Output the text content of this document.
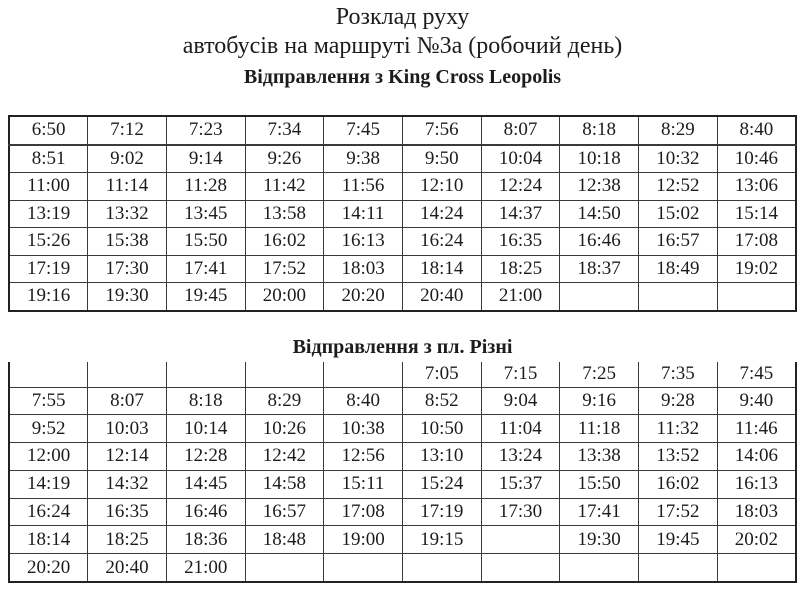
Розклад руху
автобусів на маршруті №3а (робочий день)
Відправлення з King Cross Leopolis
6:50	7:12	7:23	7:34	7:45	7:56	8:07	8:18	8:29	8:40
8:51	9:02	9:14	9:26	9:38	9:50	10:04	10:18	10:32	10:46
11:00	11:14	11:28	11:42	11:56	12:10	12:24	12:38	12:52	13:06
13:19	13:32	13:45	13:58	14:11	14:24	14:37	14:50	15:02	15:14
15:26	15:38	15:50	16:02	16:13	16:24	16:35	16:46	16:57	17:08
17:19	17:30	17:41	17:52	18:03	18:14	18:25	18:37	18:49	19:02
19:16	19:30	19:45	20:00	20:20	20:40	21:00			
Відправлення з пл. Різні
					7:05	7:15	7:25	7:35	7:45
7:55	8:07	8:18	8:29	8:40	8:52	9:04	9:16	9:28	9:40
9:52	10:03	10:14	10:26	10:38	10:50	11:04	11:18	11:32	11:46
12:00	12:14	12:28	12:42	12:56	13:10	13:24	13:38	13:52	14:06
14:19	14:32	14:45	14:58	15:11	15:24	15:37	15:50	16:02	16:13
16:24	16:35	16:46	16:57	17:08	17:19	17:30	17:41	17:52	18:03
18:14	18:25	18:36	18:48	19:00	19:15		19:30	19:45	20:02
20:20	20:40	21:00							
